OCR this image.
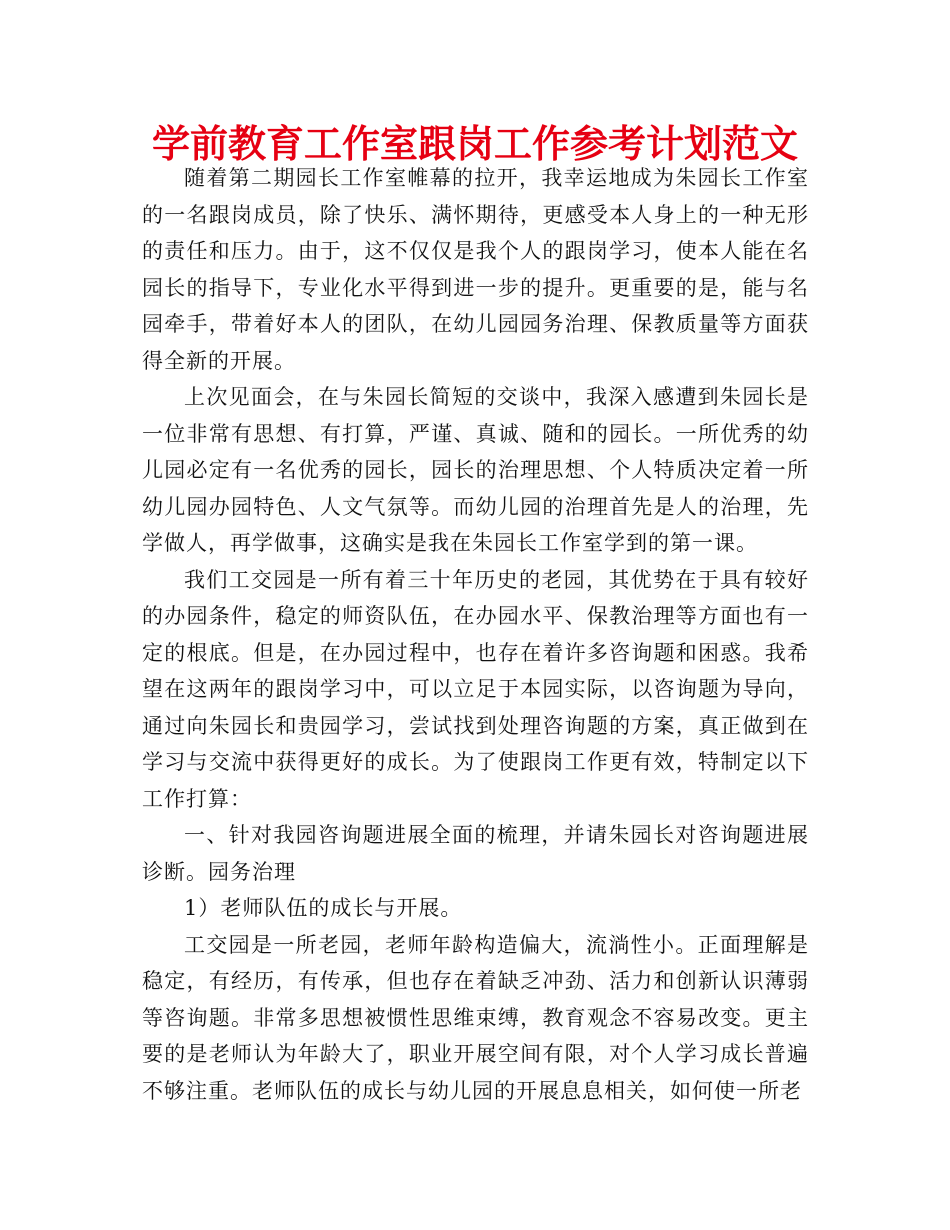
学前教育工作室跟岗工作参考计划范文

随着第二期园长工作室帷幕的拉开，我幸运地成为朱园长工作室的一名跟岗成员，除了快乐、满怀期待，更感受本人身上的一种无形的责任和压力。由于，这不仅仅是我个人的跟岗学习，使本人能在名园长的指导下，专业化水平得到进一步的提升。更重要的是，能与名园牵手，带着好本人的团队，在幼儿园园务治理、保教质量等方面获得全新的开展。

上次见面会，在与朱园长简短的交谈中，我深入感遭到朱园长是一位非常有思想、有打算，严谨、真诚、随和的园长。一所优秀的幼儿园必定有一名优秀的园长，园长的治理思想、个人特质决定着一所幼儿园办园特色、人文气氛等。而幼儿园的治理首先是人的治理，先学做人，再学做事，这确实是我在朱园长工作室学到的第一课。

我们工交园是一所有着三十年历史的老园，其优势在于具有较好的办园条件，稳定的师资队伍，在办园水平、保教治理等方面也有一定的根底。但是，在办园过程中，也存在着许多咨询题和困惑。我希望在这两年的跟岗学习中，可以立足于本园实际，以咨询题为导向，通过向朱园长和贵园学习，尝试找到处理咨询题的方案，真正做到在学习与交流中获得更好的成长。为了使跟岗工作更有效，特制定以下工作打算：

一、针对我园咨询题进展全面的梳理，并请朱园长对咨询题进展诊断。园务治理

1）老师队伍的成长与开展。

工交园是一所老园，老师年龄构造偏大，流淌性小。正面理解是稳定，有经历，有传承，但也存在着缺乏冲劲、活力和创新认识薄弱等咨询题。非常多思想被惯性思维束缚，教育观念不容易改变。更主要的是老师认为年龄大了，职业开展空间有限，对个人学习成长普遍不够注重。老师队伍的成长与幼儿园的开展息息相关，如何使一所老
